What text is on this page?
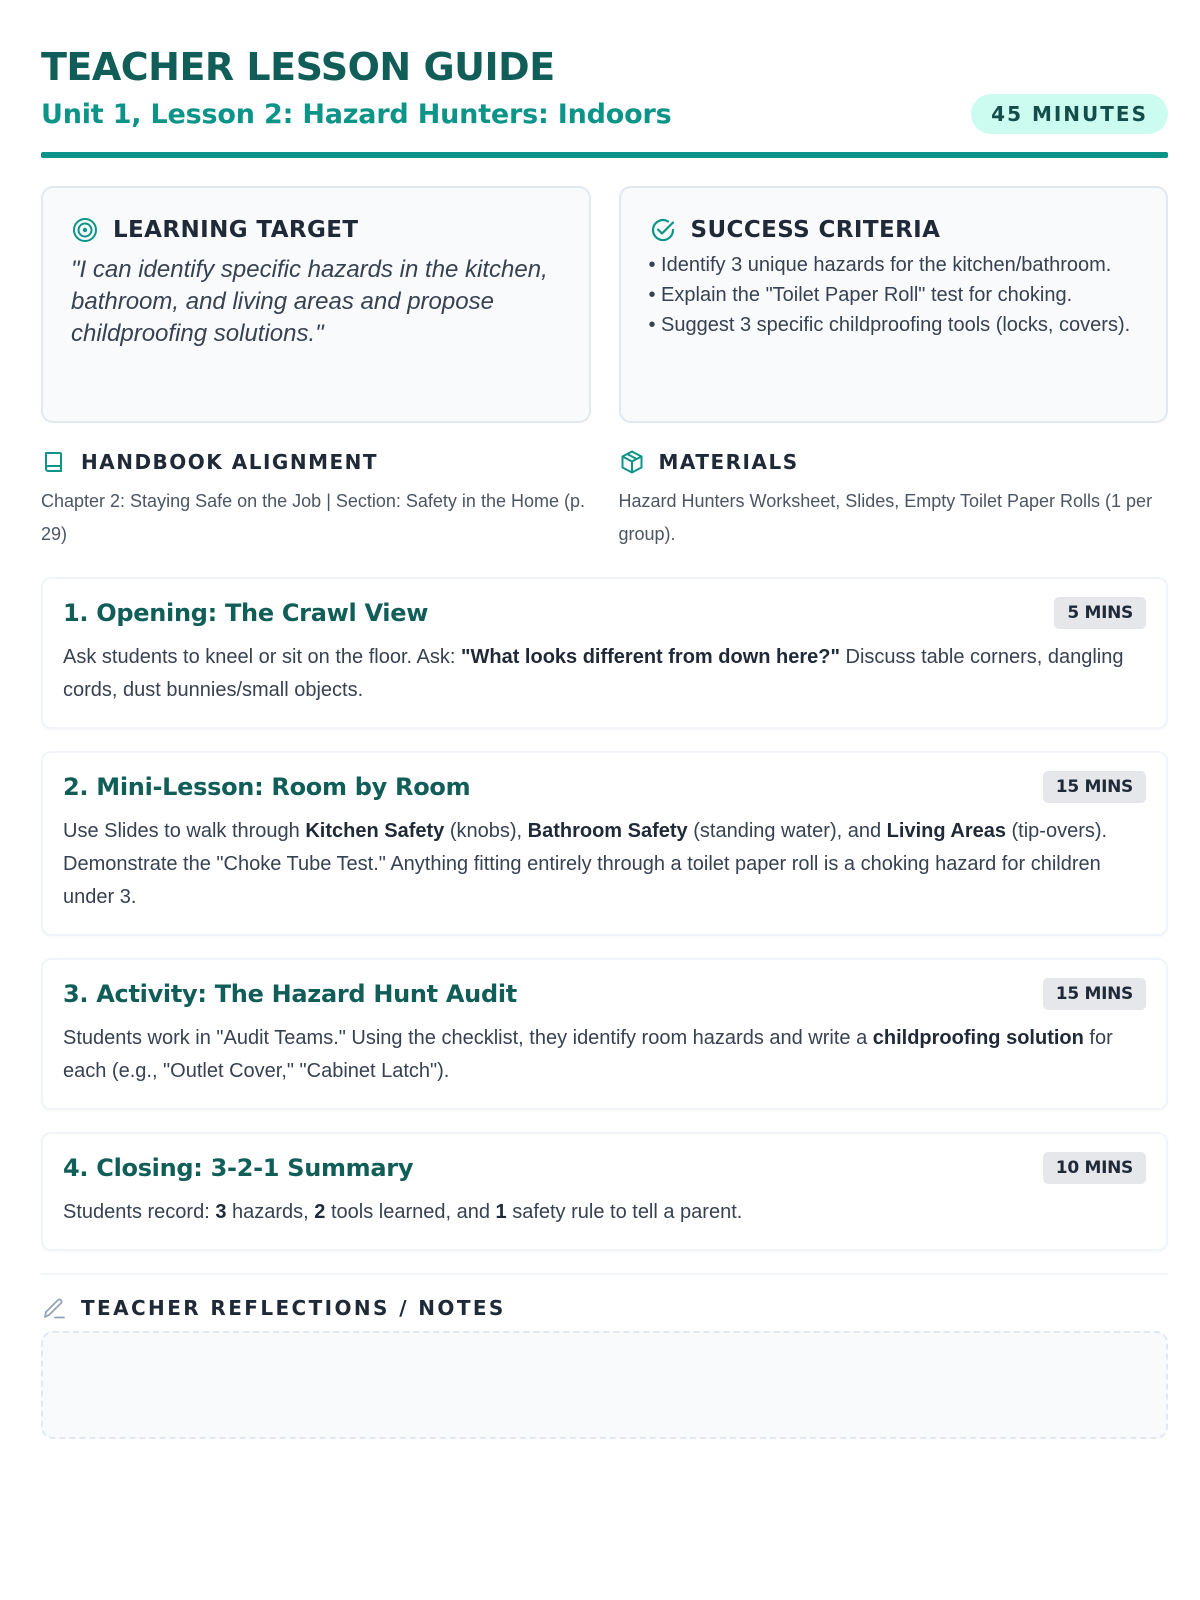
TEACHER LESSON GUIDE
Unit 1, Lesson 2: Hazard Hunters: Indoors	45 MINUTES
LEARNING TARGET

"I can identify specific hazards in the kitchen, bathroom, and living areas and propose childproofing solutions."

SUCCESS CRITERIA
• Identify 3 unique hazards for the kitchen/bathroom.
• Explain the "Toilet Paper Roll" test for choking.
• Suggest 3 specific childproofing tools (locks, covers).
HANDBOOK ALIGNMENT

Chapter 2: Staying Safe on the Job | Section: Safety in the Home (p. 29)

MATERIALS

Hazard Hunters Worksheet, Slides, Empty Toilet Paper Rolls (1 per group).

1. Opening: The Crawl View	5 MINS

Ask students to kneel or sit on the floor. Ask: "What looks different from down here?" Discuss table corners, dangling cords, dust bunnies/small objects.

2. Mini-Lesson: Room by Room	15 MINS

Use Slides to walk through Kitchen Safety (knobs), Bathroom Safety (standing water), and Living Areas (tip-overs). Demonstrate the "Choke Tube Test." Anything fitting entirely through a toilet paper roll is a choking hazard for children under 3.

3. Activity: The Hazard Hunt Audit	15 MINS

Students work in "Audit Teams." Using the checklist, they identify room hazards and write a childproofing solution for each (e.g., "Outlet Cover," "Cabinet Latch").

4. Closing: 3-2-1 Summary	10 MINS

Students record: 3 hazards, 2 tools learned, and 1 safety rule to tell a parent.

TEACHER REFLECTIONS / NOTES
